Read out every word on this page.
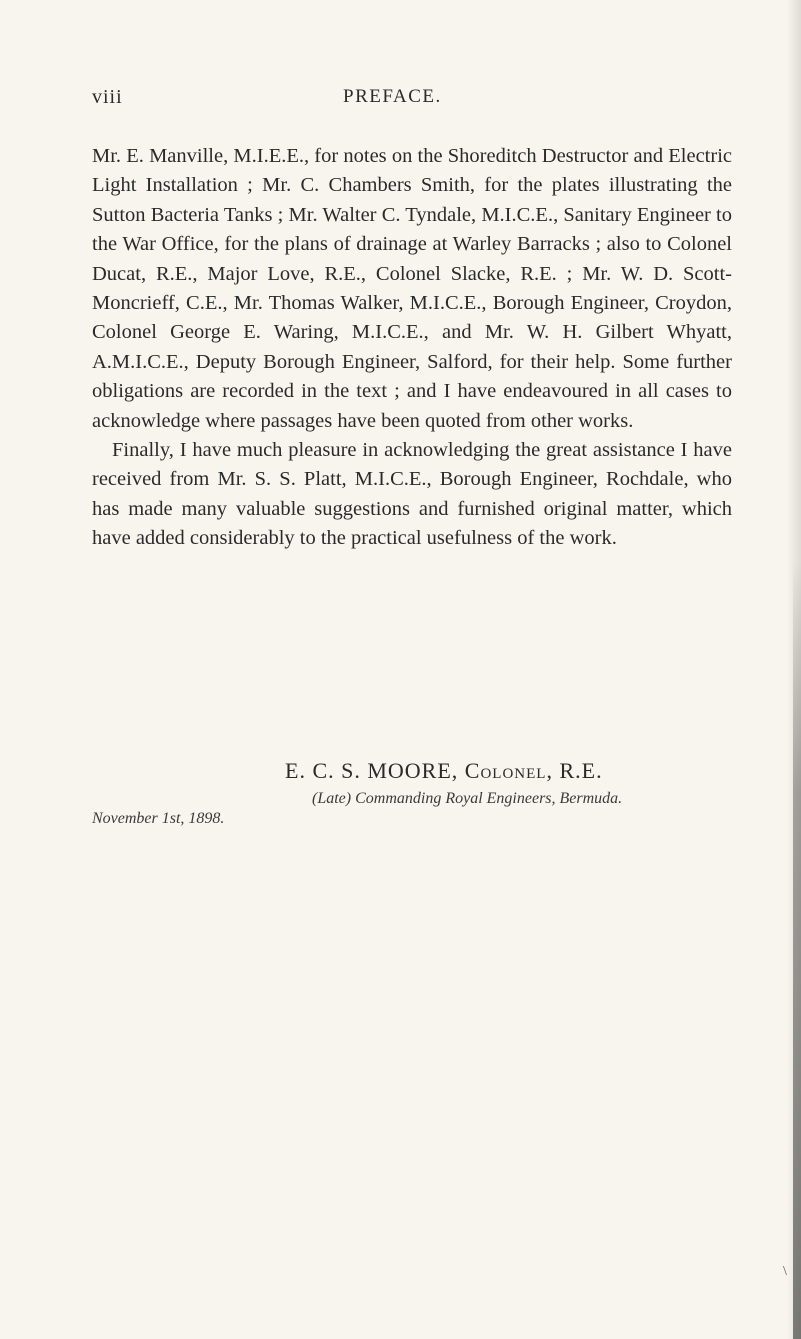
viii	PREFACE.

Mr. E. Manville, M.I.E.E., for notes on the Shoreditch Destructor and Electric Light Installation ; Mr. C. Chambers Smith, for the plates illustrating the Sutton Bacteria Tanks ; Mr. Walter C. Tyndale, M.I.C.E., Sanitary Engineer to the War Office, for the plans of drainage at Warley Barracks ; also to Colonel Ducat, R.E., Major Love, R.E., Colonel Slacke, R.E. ; Mr. W. D. Scott-Moncrieff, C.E., Mr. Thomas Walker, M.I.C.E., Borough Engineer, Croydon, Colonel George E. Waring, M.I.C.E., and Mr. W. H. Gilbert Whyatt, A.M.I.C.E., Deputy Borough Engineer, Salford, for their help. Some further obligations are recorded in the text ; and I have endeavoured in all cases to acknowledge where passages have been quoted from other works.

Finally, I have much pleasure in acknowledging the great assistance I have received from Mr. S. S. Platt, M.I.C.E., Borough Engineer, Rochdale, who has made many valuable suggestions and furnished original matter, which have added considerably to the practical usefulness of the work.

E. C. S. MOORE, Colonel, R.E.
(Late) Commanding Royal Engineers, Bermuda.
November 1st, 1898.
\
